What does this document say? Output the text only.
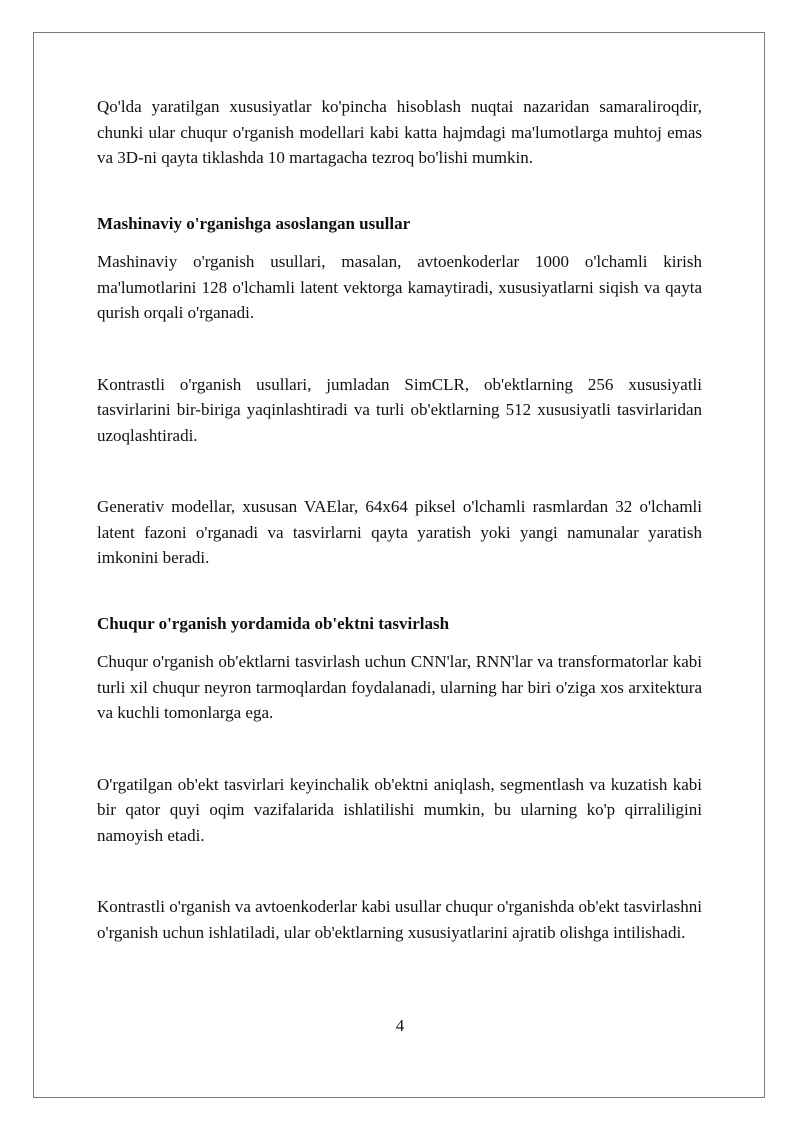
Qo'lda yaratilgan xususiyatlar ko'pincha hisoblash nuqtai nazaridan samaraliroqdir, chunki ular chuqur o'rganish modellari kabi katta hajmdagi ma'lumotlarga muhtoj emas va 3D-ni qayta tiklashda 10 martagacha tezroq bo'lishi mumkin.

Mashinaviy o'rganishga asoslangan usullar

Mashinaviy o'rganish usullari, masalan, avtoenkoderlar 1000 o'lchamli kirish ma'lumotlarini 128 o'lchamli latent vektorga kamaytiradi, xususiyatlarni siqish va qayta qurish orqali o'rganadi.

Kontrastli o'rganish usullari, jumladan SimCLR, ob'ektlarning 256 xususiyatli tasvirlarini bir-biriga yaqinlashtiradi va turli ob'ektlarning 512 xususiyatli tasvirlaridan uzoqlashtiradi.

Generativ modellar, xususan VAElar, 64x64 piksel o'lchamli rasmlardan 32 o'lchamli latent fazoni o'rganadi va tasvirlarni qayta yaratish yoki yangi namunalar yaratish imkonini beradi.

Chuqur o'rganish yordamida ob'ektni tasvirlash

Chuqur o'rganish ob'ektlarni tasvirlash uchun CNN'lar, RNN'lar va transformatorlar kabi turli xil chuqur neyron tarmoqlardan foydalanadi, ularning har biri o'ziga xos arxitektura va kuchli tomonlarga ega.

O'rgatilgan ob'ekt tasvirlari keyinchalik ob'ektni aniqlash, segmentlash va kuzatish kabi bir qator quyi oqim vazifalarida ishlatilishi mumkin, bu ularning ko'p qirraliligini namoyish etadi.

Kontrastli o'rganish va avtoenkoderlar kabi usullar chuqur o'rganishda ob'ekt tasvirlashni o'rganish uchun ishlatiladi, ular ob'ektlarning xususiyatlarini ajratib olishga intilishadi.

4
